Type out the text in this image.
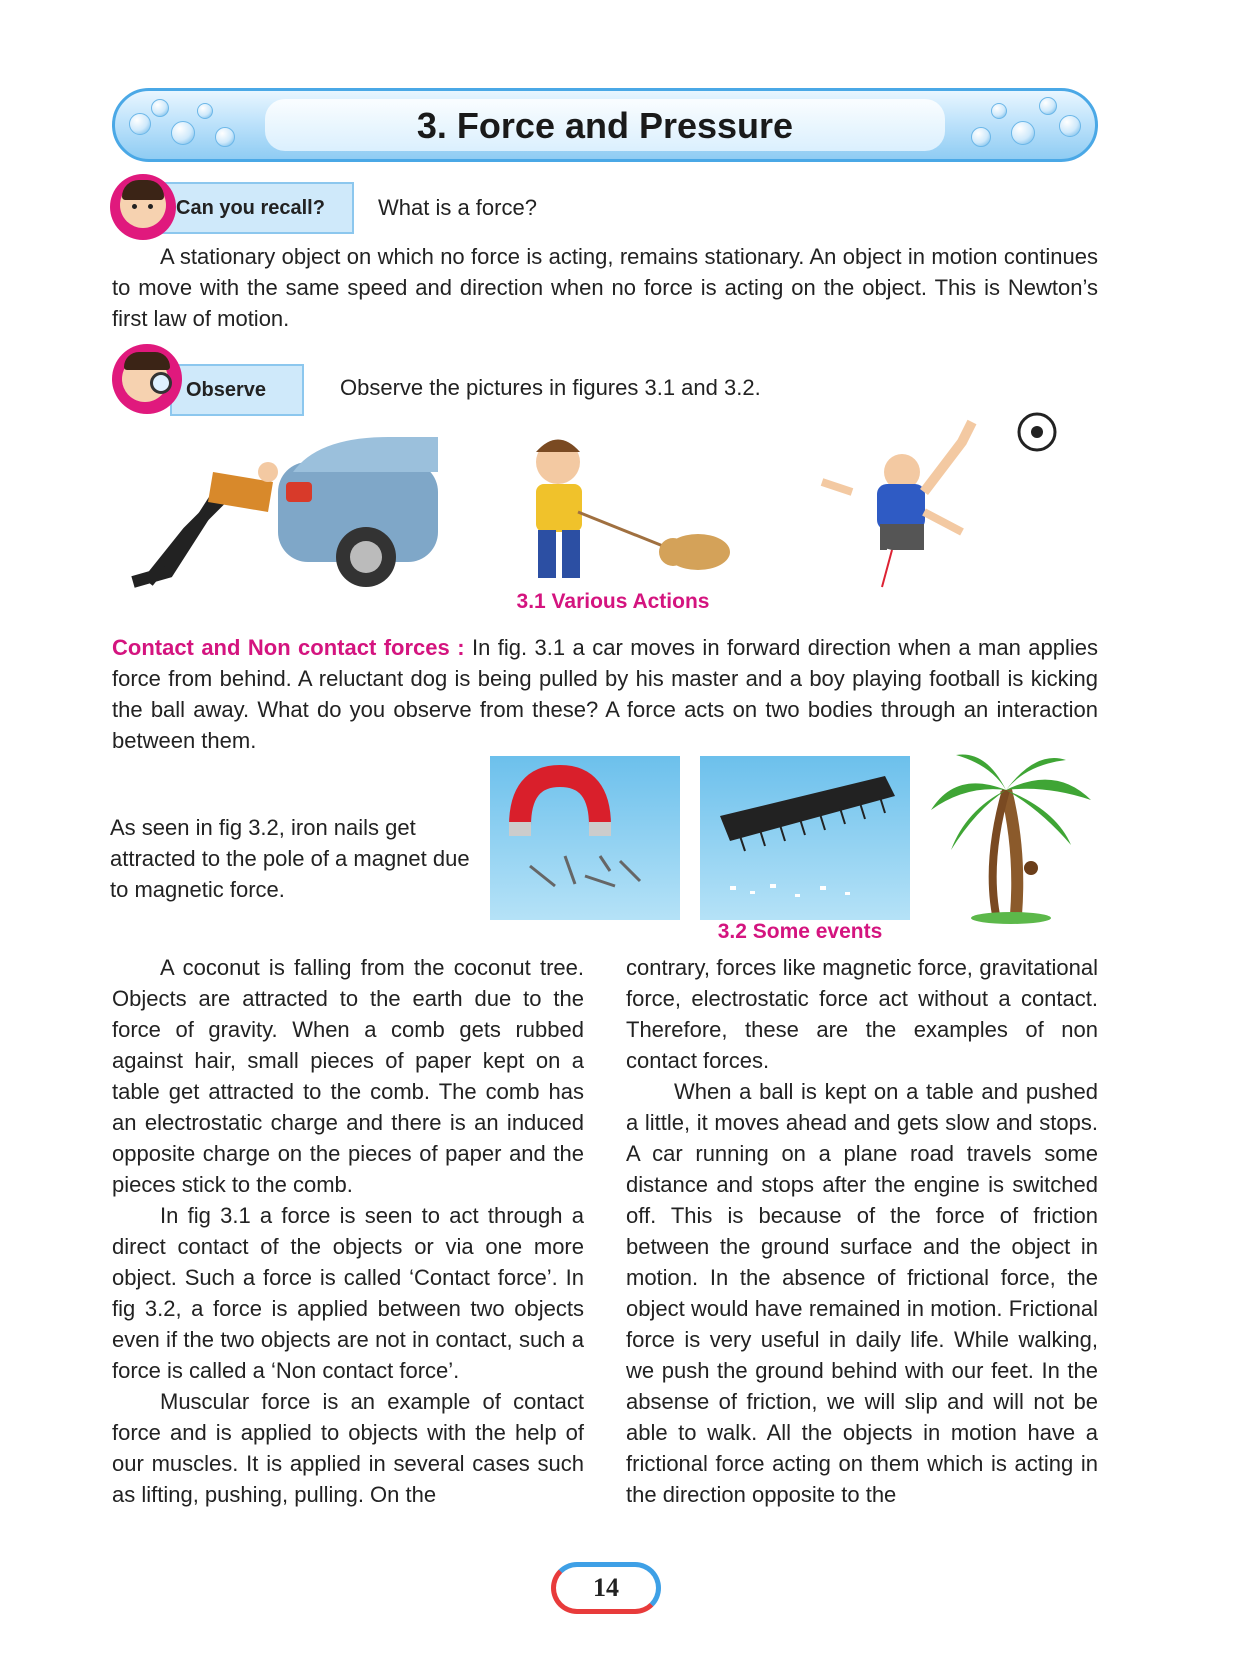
3. Force and Pressure
Can you recall?	What is a force?
A stationary object on which no force is acting, remains stationary. An object in motion continues to move with the same speed and direction when no force is acting on the object. This is Newton’s first law of motion.
Observe	Observe the pictures in figures 3.1 and 3.2.
3.1 Various Actions
Contact and Non contact forces : In fig. 3.1 a car moves in forward direction when a man applies force from behind. A reluctant dog is being pulled by his master and a boy playing football is kicking the ball away. What do you observe from these? A force acts on two bodies through an interaction between them.
As seen in fig 3.2, iron nails get attracted to the pole of a magnet due to magnetic force.
3.2 Some events

A coconut is falling from the coconut tree. Objects are attracted to the earth due to the force of gravity. When a comb gets rubbed against hair, small pieces of paper kept on a table get attracted to the comb. The comb has an electrostatic charge and there is an induced opposite charge on the pieces of paper and the pieces stick to the comb.

In fig 3.1 a force is seen to act through a direct contact of the objects or via one more object. Such a force is called ‘Contact force’. In fig 3.2, a force is applied between two objects even if the two objects are not in contact, such a force is called a ‘Non contact force’.

Muscular force is an example of contact force and is applied to objects with the help of our muscles. It is applied in several cases such as lifting, pushing, pulling. On the

contrary, forces like magnetic force, gravitational force, electrostatic force act without a contact. Therefore, these are the examples of non contact forces.

When a ball is kept on a table and pushed a little, it moves ahead and gets slow and stops. A car running on a plane road travels some distance and stops after the engine is switched off. This is because of the force of friction between the ground surface and the object in motion. In the absence of frictional force, the object would have remained in motion. Frictional force is very useful in daily life. While walking, we push the ground behind with our feet. In the absense of friction, we will slip and will not be able to walk. All the objects in motion have a frictional force acting on them which is acting in the direction opposite to the

14
